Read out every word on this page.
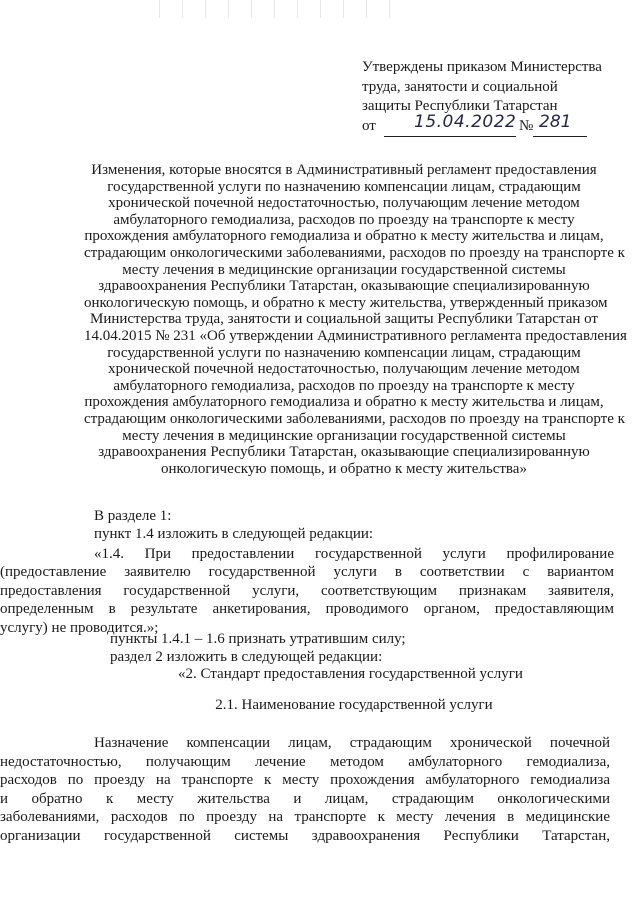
Утверждены приказом Министерства
труда, занятости и социальной
защиты Республики Татарстан
от 15.04.2022 № 281
Изменения, которые вносятся в Административный регламент предоставления
государственной услуги по назначению компенсации лицам, страдающим
хронической почечной недостаточностью, получающим лечение методом
амбулаторного гемодиализа, расходов по проезду на транспорте к месту
прохождения амбулаторного гемодиализа и обратно к месту жительства и лицам,
страдающим онкологическими заболеваниями, расходов по проезду на транспорте к
месту лечения в медицинские организации государственной системы
здравоохранения Республики Татарстан, оказывающие специализированную
онкологическую помощь, и обратно к месту жительства, утвержденный приказом
Министерства труда, занятости и социальной защиты Республики Татарстан от
14.04.2015 № 231 «Об утверждении Административного регламента предоставления
государственной услуги по назначению компенсации лицам, страдающим
хронической почечной недостаточностью, получающим лечение методом
амбулаторного гемодиализа, расходов по проезду на транспорте к месту
прохождения амбулаторного гемодиализа и обратно к месту жительства и лицам,
страдающим онкологическими заболеваниями, расходов по проезду на транспорте к
месту лечения в медицинские организации государственной системы
здравоохранения Республики Татарстан, оказывающие специализированную
онкологическую помощь, и обратно к месту жительства»
В разделе 1:
пункт 1.4 изложить в следующей редакции:
«1.4. При предоставлении государственной услуги профилирование
(предоставление заявителю государственной услуги в соответствии с вариантом
предоставления государственной услуги, соответствующим признакам заявителя,
определенным в результате анкетирования, проводимого органом, предоставляющим
услугу) не проводится.»;
пункты 1.4.1 – 1.6 признать утратившим силу;
раздел 2 изложить в следующей редакции:
«2. Стандарт предоставления государственной услуги
2.1. Наименование государственной услуги
Назначение компенсации лицам, страдающим хронической почечной
недостаточностью, получающим лечение методом амбулаторного гемодиализа,
расходов по проезду на транспорте к месту прохождения амбулаторного гемодиализа
и обратно к месту жительства и лицам, страдающим онкологическими
заболеваниями, расходов по проезду на транспорте к месту лечения в медицинские
организации государственной системы здравоохранения Республики Татарстан,
